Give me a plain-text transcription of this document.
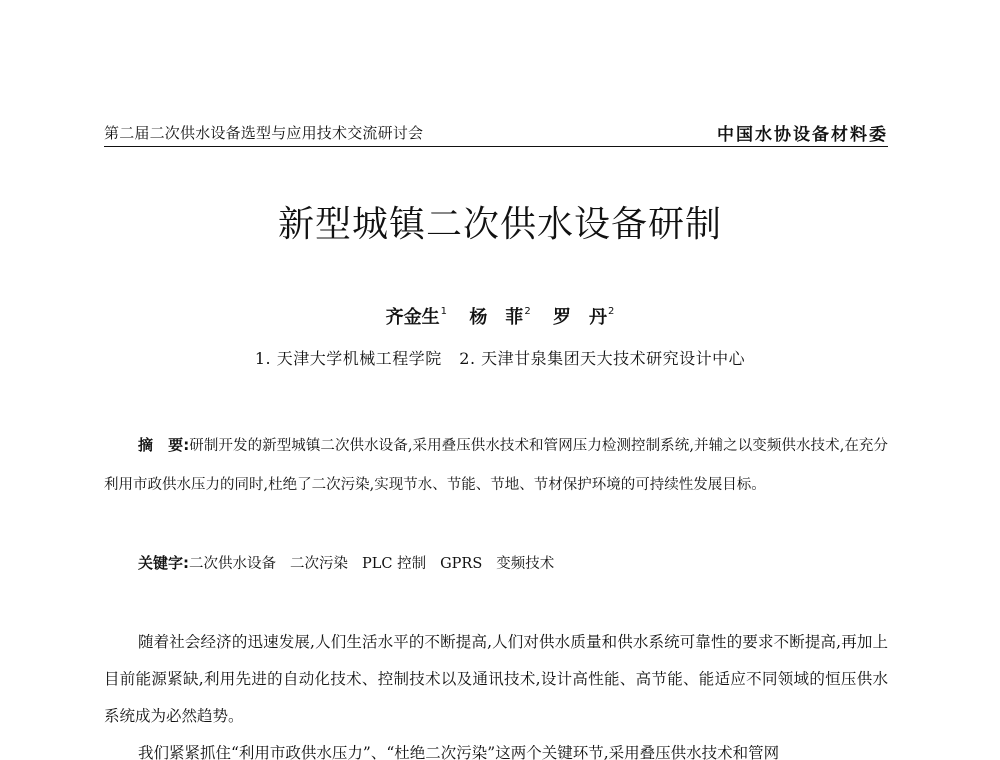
第二届二次供水设备选型与应用技术交流研讨会	中国水协设备材料委
新型城镇二次供水设备研制
齐金生$^1$ 杨　菲$^2$ 罗　丹$^2$
1. 天津大学机械工程学院 2. 天津甘泉集团天大技术研究设计中心
摘　要:研制开发的新型城镇二次供水设备,采用叠压供水技术和管网压力检测控制系统,并辅之以变频供水技术,在充分利用市政供水压力的同时,杜绝了二次污染,实现节水、节能、节地、节材保护环境的可持续性发展目标。
关键字:二次供水设备 二次污染 PLC 控制 GPRS 变频技术

随着社会经济的迅速发展,人们生活水平的不断提高,人们对供水质量和供水系统可靠性的要求不断提高,再加上目前能源紧缺,利用先进的自动化技术、控制技术以及通讯技术,设计高性能、高节能、能适应不同领域的恒压供水系统成为必然趋势。

我们紧紧抓住“利用市政供水压力”、“杜绝二次污染”这两个关键环节,采用叠压供水技术和管网
